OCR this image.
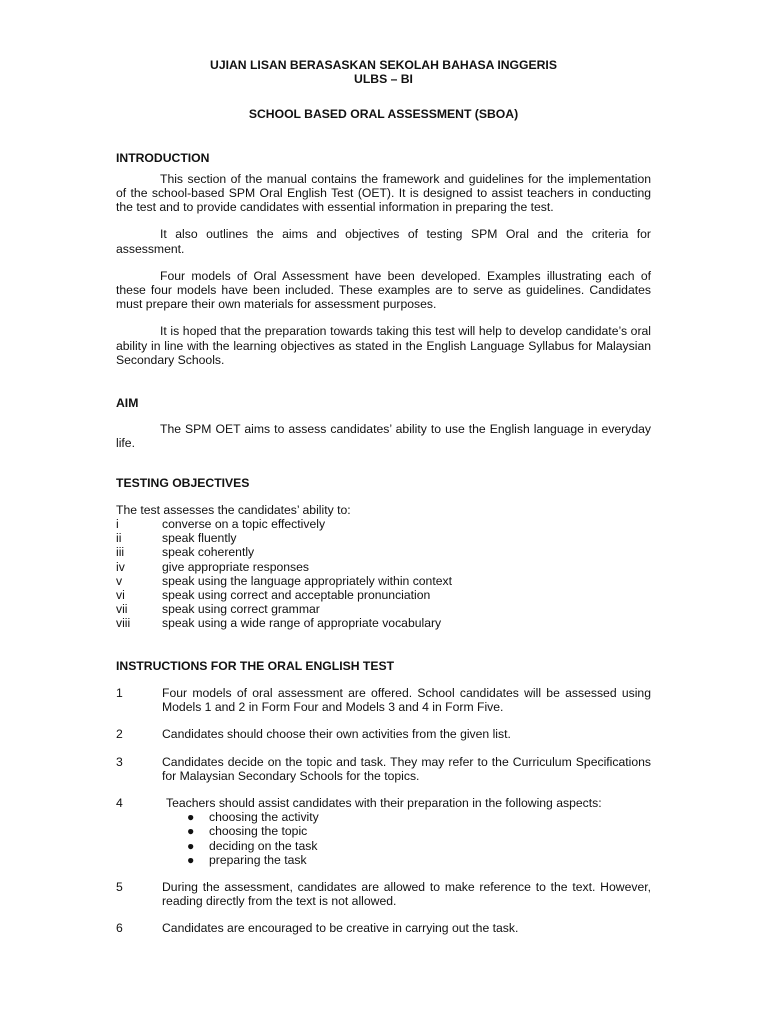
UJIAN LISAN BERASASKAN SEKOLAH BAHASA INGGERIS
ULBS – BI
SCHOOL BASED ORAL ASSESSMENT (SBOA)
INTRODUCTION

This section of the manual contains the framework and guidelines for the implementation of the school-based SPM Oral English Test (OET). It is designed to assist teachers in conducting the test and to provide candidates with essential information in preparing the test.

It also outlines the aims and objectives of testing SPM Oral and the criteria for assessment.

Four models of Oral Assessment have been developed. Examples illustrating each of these four models have been included. These examples are to serve as guidelines. Candidates must prepare their own materials for assessment purposes.

It is hoped that the preparation towards taking this test will help to develop candidate’s oral ability in line with the learning objectives as stated in the English Language Syllabus for Malaysian Secondary Schools.

AIM

The SPM OET aims to assess candidates’ ability to use the English language in everyday life.

TESTING OBJECTIVES

The test assesses the candidates’ ability to:

i	converse on a topic effectively
ii	speak fluently
iii	speak coherently
iv	give appropriate responses
v	speak using the language appropriately within context
vi	speak using correct and acceptable pronunciation
vii	speak using correct grammar
viii	speak using a wide range of appropriate vocabulary
INSTRUCTIONS FOR THE ORAL ENGLISH TEST
1	Four models of oral assessment are offered. School candidates will be assessed using Models 1 and 2 in Form Four and Models 3 and 4 in Form Five.
2	Candidates should choose their own activities from the given list.
3	Candidates decide on the topic and task. They may refer to the Curriculum Specifications for Malaysian Secondary Schools for the topics.
4	Teachers should assist candidates with their preparation in the following aspects:
●	choosing the activity
●	choosing the topic
●	deciding on the task
●	preparing the task
5	During the assessment, candidates are allowed to make reference to the text. However, reading directly from the text is not allowed.
6	Candidates are encouraged to be creative in carrying out the task.
